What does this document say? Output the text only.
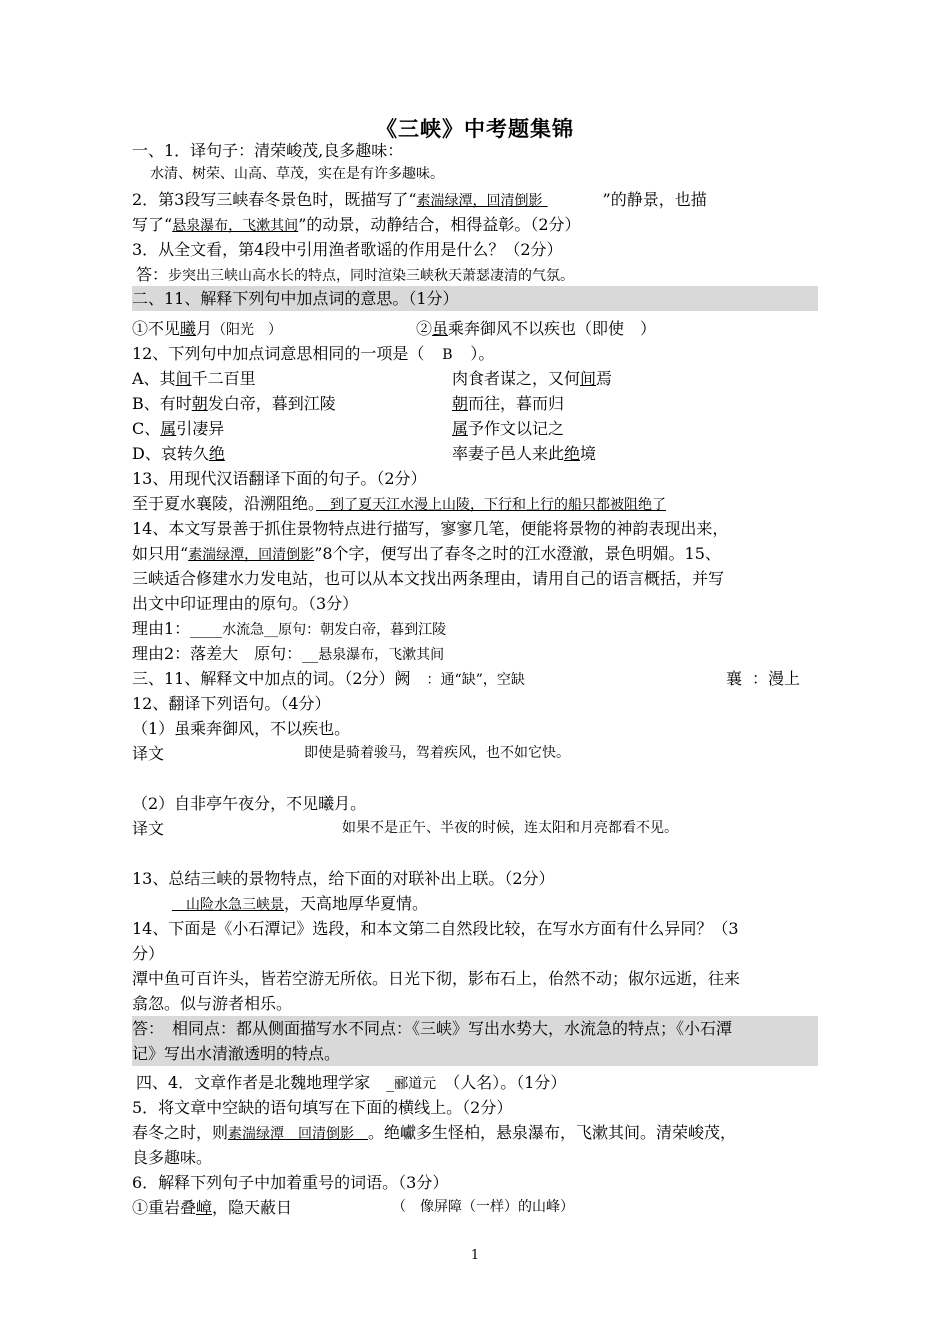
《三峡》中考题集锦
一、1．译句子：清荣峻茂,良多趣味：
水清、树荣、山高、草茂，实在是有许多趣味。
2．第3段写三峡春冬景色时，既描写了“素湍绿潭，回清倒影	”的静景，也描
写了“悬泉瀑布，飞漱其间”的动景，动静结合，相得益彰。（2分）
3．从全文看，第4段中引用渔者歌谣的作用是什么？（2分）
答：步突出三峡山高水长的特点，同时渲染三峡秋天萧瑟凄清的气氛。
二、11、解释下列句中加点词的意思。（1分）
①不见曦月（阳光　）	②虽乘奔御风不以疾也（即使　）
12、下列句中加点词意思相同的一项是（ B ）。
A、其间千二百里	肉食者谋之，又何间焉
B、有时朝发白帝，暮到江陵	朝而往，暮而归
C、属引凄异	属予作文以记之
D、哀转久绝	率妻子邑人来此绝境
13、用现代汉语翻译下面的句子。（2分）
至于夏水襄陵，沿溯阻绝。　到了夏天江水漫上山陵，下行和上行的船只都被阻绝了
14、本文写景善于抓住景物特点进行描写，寥寥几笔，便能将景物的神韵表现出来，
如只用“素湍绿潭，回清倒影”8个字，便写出了春冬之时的江水澄澈，景色明媚。15、
三峡适合修建水力发电站，也可以从本文找出两条理由，请用自己的语言概括，并写
出文中印证理由的原句。（3分）
理由1：____水流急__原句：朝发白帝，暮到江陵
理由2：落差大　原句：__悬泉瀑布，飞漱其间
三、11、解释文中加点的词。（2分）阙 ：通“缺”，空缺	襄 ：漫上
12、翻译下列语句。（4分）
（1）虽乘奔御风，不以疾也。
译文	即使是骑着骏马，驾着疾风，也不如它快。
（2）自非亭午夜分，不见曦月。
译文	如果不是正午、半夜的时候，连太阳和月亮都看不见。
13、总结三峡的景物特点，给下面的对联补出上联。（2分）
　山险水急三峡景，天高地厚华夏情。
14、下面是《小石潭记》选段，和本文第二自然段比较，在写水方面有什么异同？（3
分）
潭中鱼可百许头，皆若空游无所依。日光下彻，影布石上，佁然不动；俶尔远逝，往来
翕忽。似与游者相乐。
答：　相同点：都从侧面描写水不同点：《三峡》写出水势大，水流急的特点；《小石潭
记》写出水清澈透明的特点。
四、4．文章作者是北魏地理学家　_郦道元　（人名）。（1分）
5．将文章中空缺的语句填写在下面的横线上。（2分）
春冬之时，则素湍绿潭　回清倒影　。绝巘多生怪柏，悬泉瀑布，飞漱其间。清荣峻茂，
良多趣味。
6．解释下列句子中加着重号的词语。（3分）
①重岩叠嶂，隐天蔽日	（　像屏障（一样）的山峰）
1
